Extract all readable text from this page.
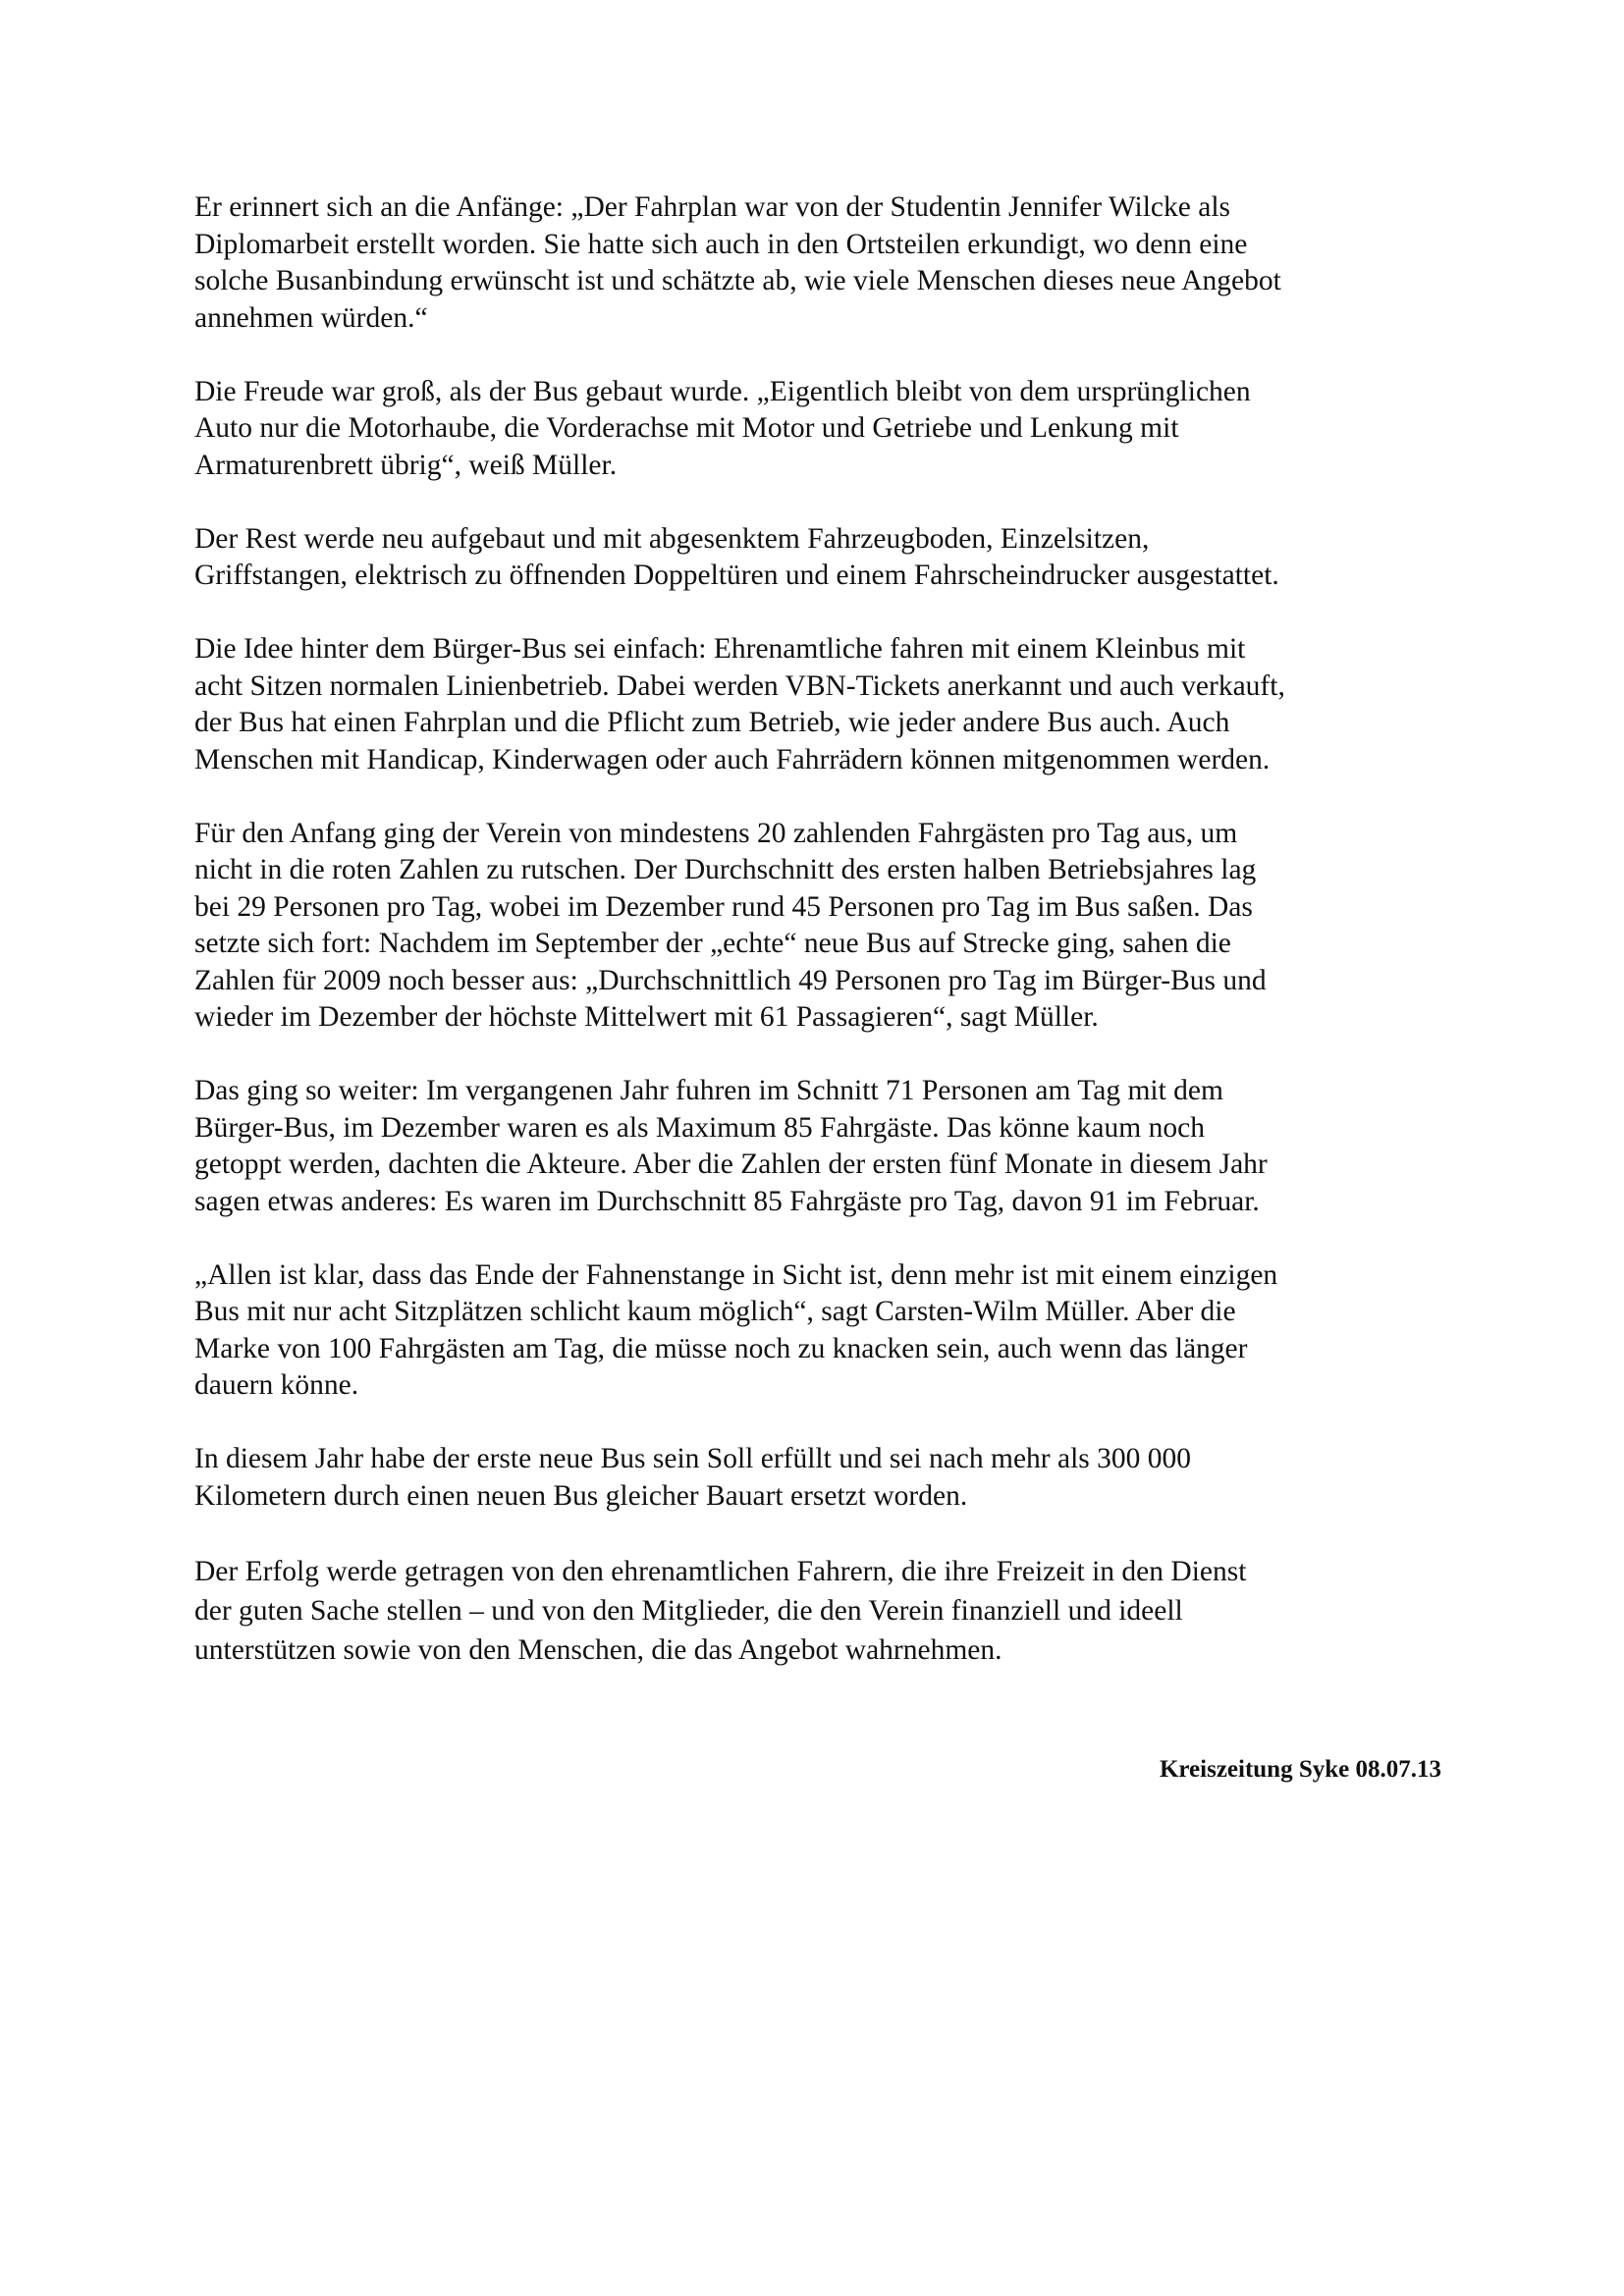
Er erinnert sich an die Anfänge: „Der Fahrplan war von der Studentin Jennifer Wilcke als
Diplomarbeit erstellt worden. Sie hatte sich auch in den Ortsteilen erkundigt, wo denn eine
solche Busanbindung erwünscht ist und schätzte ab, wie viele Menschen dieses neue Angebot
annehmen würden.“

Die Freude war groß, als der Bus gebaut wurde. „Eigentlich bleibt von dem ursprünglichen
Auto nur die Motorhaube, die Vorderachse mit Motor und Getriebe und Lenkung mit
Armaturenbrett übrig“, weiß Müller.

Der Rest werde neu aufgebaut und mit abgesenktem Fahrzeugboden, Einzelsitzen,
Griffstangen, elektrisch zu öffnenden Doppeltüren und einem Fahrscheindrucker ausgestattet.

Die Idee hinter dem Bürger-Bus sei einfach: Ehrenamtliche fahren mit einem Kleinbus mit
acht Sitzen normalen Linienbetrieb. Dabei werden VBN-Tickets anerkannt und auch verkauft,
der Bus hat einen Fahrplan und die Pflicht zum Betrieb, wie jeder andere Bus auch. Auch
Menschen mit Handicap, Kinderwagen oder auch Fahrrädern können mitgenommen werden.

Für den Anfang ging der Verein von mindestens 20 zahlenden Fahrgästen pro Tag aus, um
nicht in die roten Zahlen zu rutschen. Der Durchschnitt des ersten halben Betriebsjahres lag
bei 29 Personen pro Tag, wobei im Dezember rund 45 Personen pro Tag im Bus saßen. Das
setzte sich fort: Nachdem im September der „echte“ neue Bus auf Strecke ging, sahen die
Zahlen für 2009 noch besser aus: „Durchschnittlich 49 Personen pro Tag im Bürger-Bus und
wieder im Dezember der höchste Mittelwert mit 61 Passagieren“, sagt Müller.

Das ging so weiter: Im vergangenen Jahr fuhren im Schnitt 71 Personen am Tag mit dem
Bürger-Bus, im Dezember waren es als Maximum 85 Fahrgäste. Das könne kaum noch
getoppt werden, dachten die Akteure. Aber die Zahlen der ersten fünf Monate in diesem Jahr
sagen etwas anderes: Es waren im Durchschnitt 85 Fahrgäste pro Tag, davon 91 im Februar.

„Allen ist klar, dass das Ende der Fahnenstange in Sicht ist, denn mehr ist mit einem einzigen
Bus mit nur acht Sitzplätzen schlicht kaum möglich“, sagt Carsten-Wilm Müller. Aber die
Marke von 100 Fahrgästen am Tag, die müsse noch zu knacken sein, auch wenn das länger
dauern könne.

In diesem Jahr habe der erste neue Bus sein Soll erfüllt und sei nach mehr als 300 000
Kilometern durch einen neuen Bus gleicher Bauart ersetzt worden.

Der Erfolg werde getragen von den ehrenamtlichen Fahrern, die ihre Freizeit in den Dienst
der guten Sache stellen – und von den Mitglieder, die den Verein finanziell und ideell
unterstützen sowie von den Menschen, die das Angebot wahrnehmen.

Kreiszeitung Syke 08.07.13
